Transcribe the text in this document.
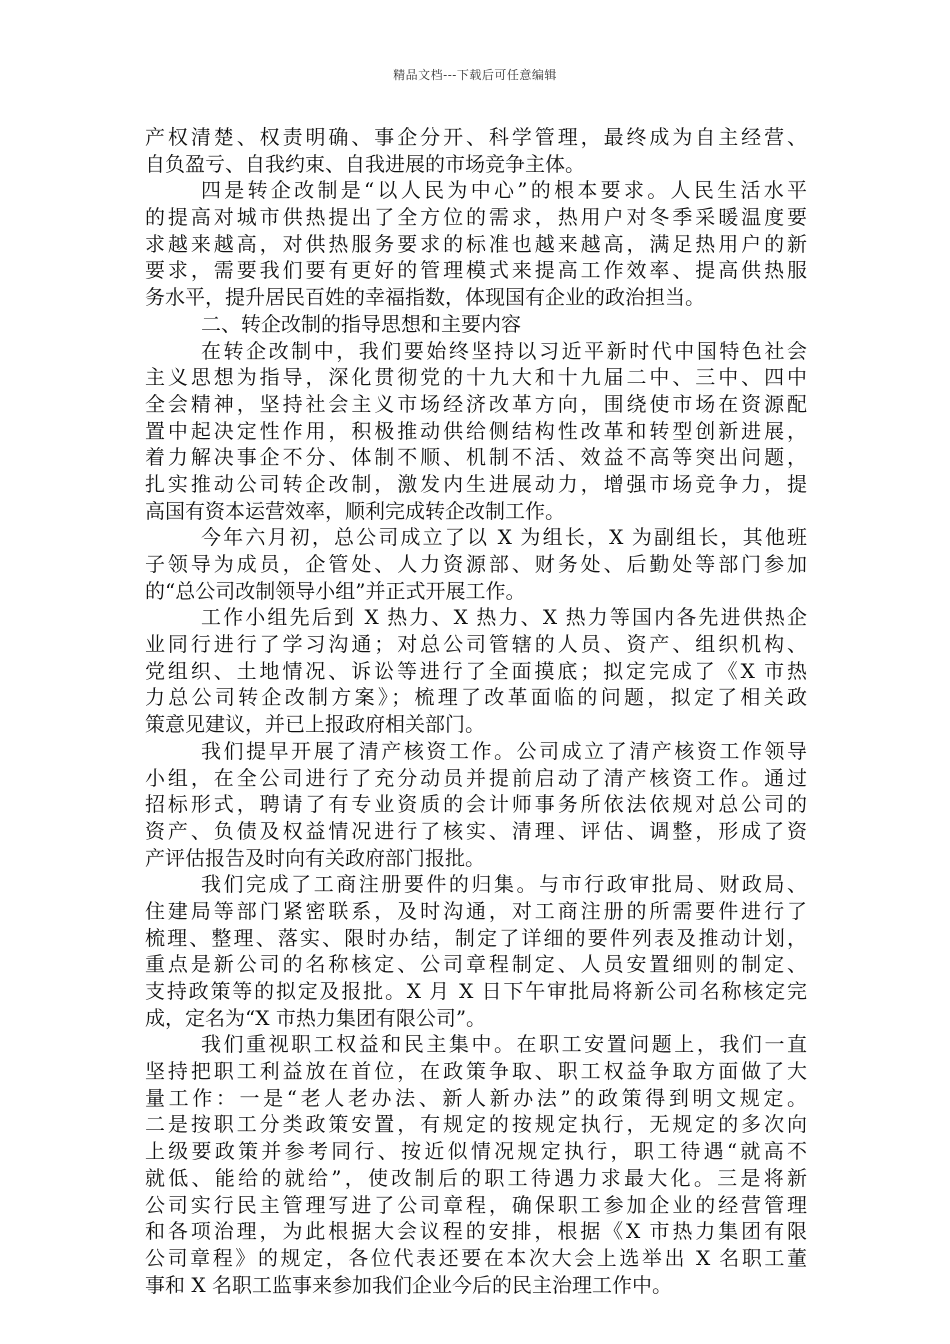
精品文档---下载后可任意编辑
产权清楚、权责明确、事企分开、科学管理，最终成为自主经营、
自负盈亏、自我约束、自我进展的市场竞争主体。
四是转企改制是“以人民为中心”的根本要求。人民生活水平
的提高对城市供热提出了全方位的需求，热用户对冬季采暖温度要
求越来越高，对供热服务要求的标准也越来越高，满足热用户的新
要求，需要我们要有更好的管理模式来提高工作效率、提高供热服
务水平，提升居民百姓的幸福指数，体现国有企业的政治担当。
二、转企改制的指导思想和主要内容
在转企改制中，我们要始终坚持以习近平新时代中国特色社会
主义思想为指导，深化贯彻党的十九大和十九届二中、三中、四中
全会精神，坚持社会主义市场经济改革方向，围绕使市场在资源配
置中起决定性作用，积极推动供给侧结构性改革和转型创新进展，
着力解决事企不分、体制不顺、机制不活、效益不高等突出问题，
扎实推动公司转企改制，激发内生进展动力，增强市场竞争力，提
高国有资本运营效率，顺利完成转企改制工作。
今年六月初，总公司成立了以 X 为组长，X 为副组长，其他班
子领导为成员，企管处、人力资源部、财务处、后勤处等部门参加
的“总公司改制领导小组”并正式开展工作。
工作小组先后到 X 热力、X 热力、X 热力等国内各先进供热企
业同行进行了学习沟通；对总公司管辖的人员、资产、组织机构、
党组织、土地情况、诉讼等进行了全面摸底；拟定完成了《X 市热
力总公司转企改制方案》；梳理了改革面临的问题，拟定了相关政
策意见建议，并已上报政府相关部门。
我们提早开展了清产核资工作。公司成立了清产核资工作领导
小组，在全公司进行了充分动员并提前启动了清产核资工作。通过
招标形式，聘请了有专业资质的会计师事务所依法依规对总公司的
资产、负债及权益情况进行了核实、清理、评估、调整，形成了资
产评估报告及时向有关政府部门报批。
我们完成了工商注册要件的归集。与市行政审批局、财政局、
住建局等部门紧密联系，及时沟通，对工商注册的所需要件进行了
梳理、整理、落实、限时办结，制定了详细的要件列表及推动计划，
重点是新公司的名称核定、公司章程制定、人员安置细则的制定、
支持政策等的拟定及报批。X 月 X 日下午审批局将新公司名称核定完
成，定名为“X 市热力集团有限公司”。
我们重视职工权益和民主集中。在职工安置问题上，我们一直
坚持把职工利益放在首位，在政策争取、职工权益争取方面做了大
量工作：一是“老人老办法、新人新办法”的政策得到明文规定。
二是按职工分类政策安置，有规定的按规定执行，无规定的多次向
上级要政策并参考同行、按近似情况规定执行，职工待遇“就高不
就低、能给的就给”，使改制后的职工待遇力求最大化。三是将新
公司实行民主管理写进了公司章程，确保职工参加企业的经营管理
和各项治理，为此根据大会议程的安排，根据《X 市热力集团有限
公司章程》的规定，各位代表还要在本次大会上选举出 X 名职工董
事和 X 名职工监事来参加我们企业今后的民主治理工作中。
